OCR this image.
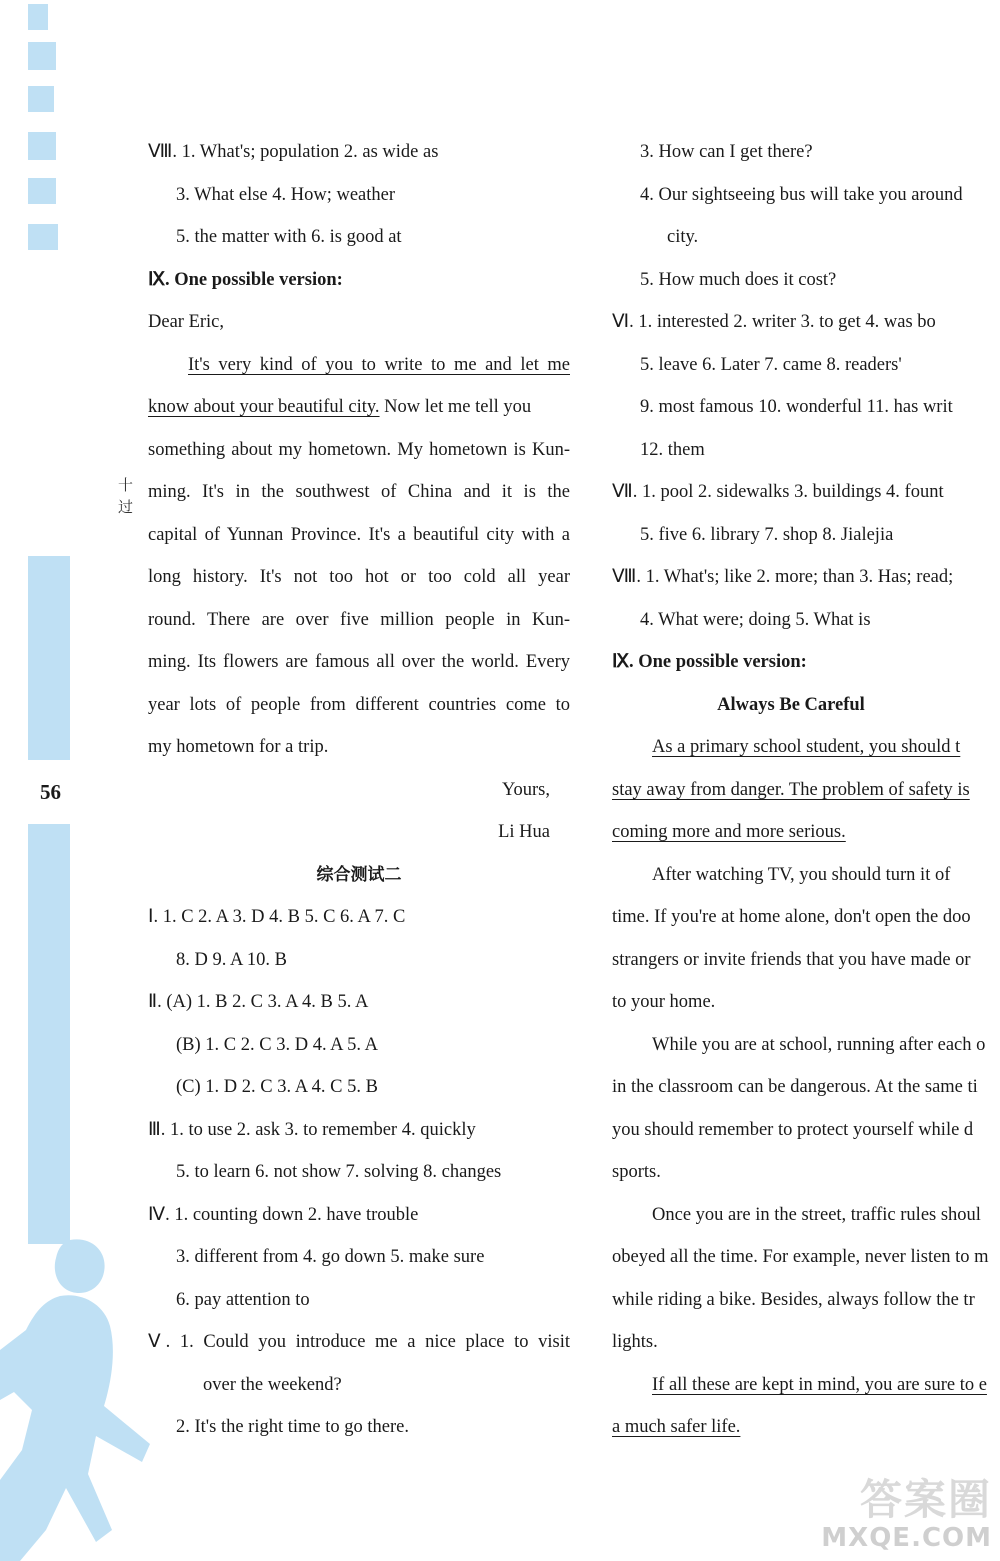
56
十
过
Ⅷ. 1. What's; population 2. as wide as
3. What else 4. How; weather
5. the matter with 6. is good at
Ⅸ. One possible version:
Dear Eric,
It's very kind of you to write to me and let me
know about your beautiful city. Now let me tell you
something about my hometown. My hometown is Kun-
ming. It's in the southwest of China and it is the
capital of Yunnan Province. It's a beautiful city with a
long history. It's not too hot or too cold all year
round. There are over five million people in Kun-
ming. Its flowers are famous all over the world. Every
year lots of people from different countries come to
my hometown for a trip.
Yours,
Li Hua
综合测试二
Ⅰ. 1. C 2. A 3. D 4. B 5. C 6. A 7. C
8. D 9. A 10. B
Ⅱ. (A) 1. B 2. C 3. A 4. B 5. A
(B) 1. C 2. C 3. D 4. A 5. A
(C) 1. D 2. C 3. A 4. C 5. B
Ⅲ. 1. to use 2. ask 3. to remember 4. quickly
5. to learn 6. not show 7. solving 8. changes
Ⅳ. 1. counting down 2. have trouble
3. different from 4. go down 5. make sure
6. pay attention to
Ⅴ. 1. Could you introduce me a nice place to visit
over the weekend?
2. It's the right time to go there.
3. How can I get there?
4. Our sightseeing bus will take you around
city.
5. How much does it cost?
Ⅵ. 1. interested 2. writer 3. to get 4. was bo
5. leave 6. Later 7. came 8. readers'
9. most famous 10. wonderful 11. has writ
12. them
Ⅶ. 1. pool 2. sidewalks 3. buildings 4. fount
5. five 6. library 7. shop 8. Jialejia
Ⅷ. 1. What's; like 2. more; than 3. Has; read;
4. What were; doing 5. What is
Ⅸ. One possible version:
Always Be Careful
As a primary school student, you should t
stay away from danger. The problem of safety is
coming more and more serious.
After watching TV, you should turn it of
time. If you're at home alone, don't open the doo
strangers or invite friends that you have made or
to your home.
While you are at school, running after each o
in the classroom can be dangerous. At the same ti
you should remember to protect yourself while d
sports.
Once you are in the street, traffic rules shoul
obeyed all the time. For example, never listen to m
while riding a bike. Besides, always follow the tr
lights.
If all these are kept in mind, you are sure to e
a much safer life.
答案圈
MXQE.COM
